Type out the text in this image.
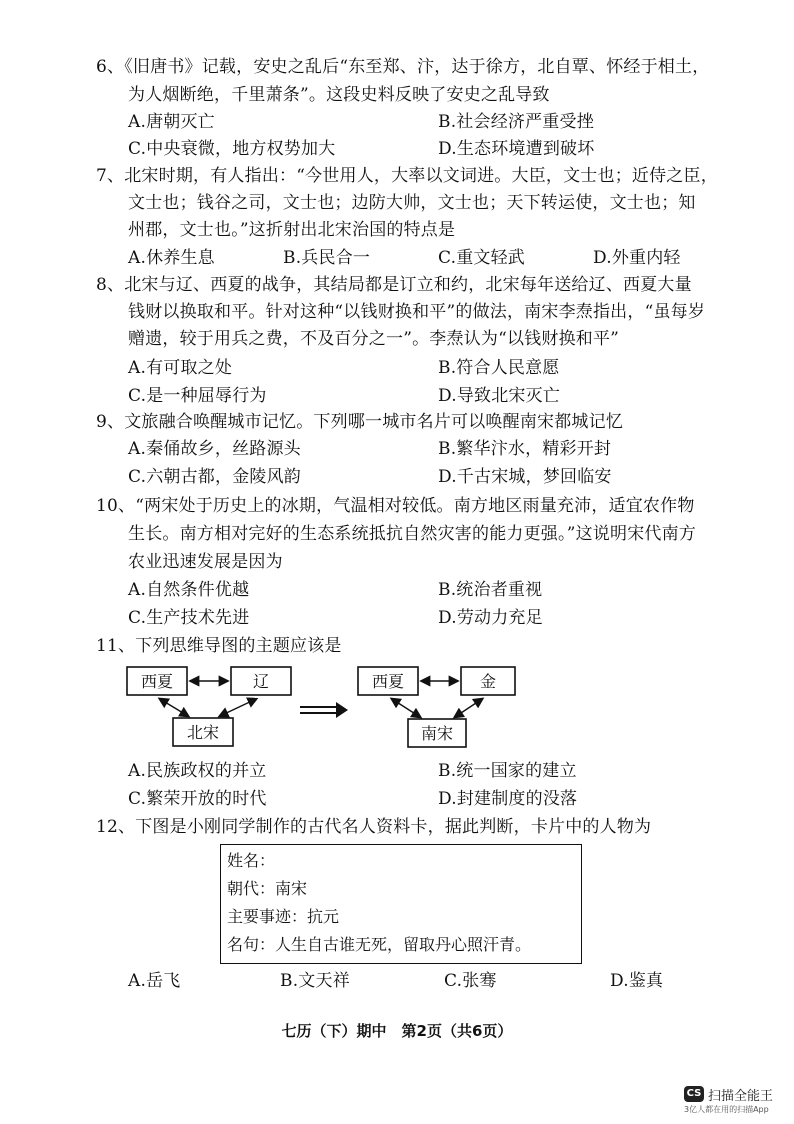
6、《旧唐书》记载，安史之乱后“东至郑、汴，达于徐方，北自覃、怀经于相土，
为人烟断绝，千里萧条”。这段史料反映了安史之乱导致
A.唐朝灭亡	B.社会经济严重受挫
C.中央衰微，地方权势加大	D.生态环境遭到破坏
7、北宋时期，有人指出：“今世用人，大率以文词进。大臣，文士也；近侍之臣，
文士也；钱谷之司，文士也；边防大帅，文士也；天下转运使，文士也；知
州郡，文士也。”这折射出北宋治国的特点是
A.休养生息	B.兵民合一	C.重文轻武	D.外重内轻
8、北宋与辽、西夏的战争，其结局都是订立和约，北宋每年送给辽、西夏大量
钱财以换取和平。针对这种“以钱财换和平”的做法，南宋李焘指出，“虽每岁
赠遗，较于用兵之费，不及百分之一”。李焘认为“以钱财换和平”
A.有可取之处	B.符合人民意愿
C.是一种屈辱行为	D.导致北宋灭亡
9、文旅融合唤醒城市记忆。下列哪一城市名片可以唤醒南宋都城记忆
A.秦俑故乡，丝路源头	B.繁华汴水，精彩开封
C.六朝古都，金陵风韵	D.千古宋城，梦回临安
10、“两宋处于历史上的冰期，气温相对较低。南方地区雨量充沛，适宜农作物
生长。南方相对完好的生态系统抵抗自然灾害的能力更强。”这说明宋代南方
农业迅速发展是因为
A.自然条件优越	B.统治者重视
C.生产技术先进	D.劳动力充足
11、下列思维导图的主题应该是
西夏	辽
北宋
西夏	金
南宋
A.民族政权的并立	B.统一国家的建立
C.繁荣开放的时代	D.封建制度的没落
12、下图是小刚同学制作的古代名人资料卡，据此判断，卡片中的人物为
姓名：
朝代：南宋
主要事迹：抗元
名句：人生自古谁无死，留取丹心照汗青。
A.岳飞	B.文天祥	C.张骞	D.鉴真
七历（下）期中　第2页（共6页）
CS 扫描全能王
3亿人都在用的扫描App
